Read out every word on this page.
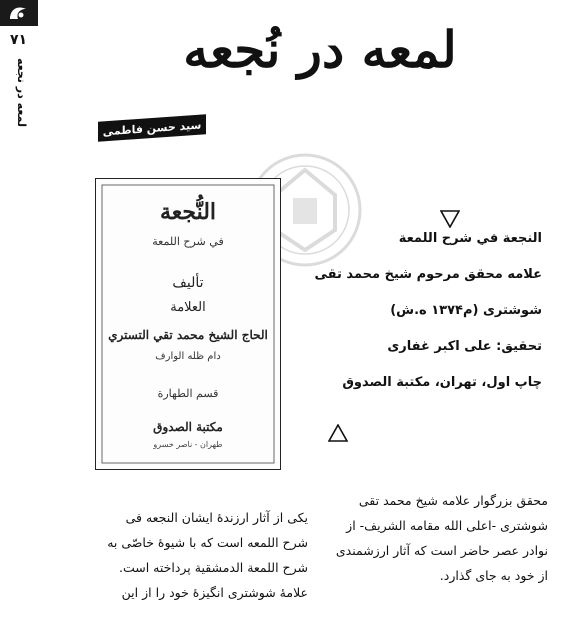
٧١
لمعه در نجعه
لمعه در نُجعه
سید حسن فاطمی
النُّجعة
في شرح اللمعة
تأليف
العلامة
الحاج الشيخ محمد تقي التستري
دام ظله الوارف
قسم الطهارة
مكتبة الصدوق
طهران - ناصر خسرو
النجعة في شرح اللمعة
علامه محقق مرحوم شيخ محمد تقى
شوشترى (م۱۳۷۴ ه.ش)
تحقيق: على اكبر غفارى
چاپ اول، تهران، مكتبة الصدوق
محقق بزرگوار علامه شيخ محمد تقى
شوشترى -اعلى الله مقامه الشريف- از
نوادر عصر حاضر است كه آثار ارزشمندى
از خود به جاى گذارد.
يكى از آثار ارزندهٔ ايشان النجعه فى
شرح اللمعه است كه با شيوهٔ خاصّى به
شرح اللمعة الدمشقية پرداخته است.
علامهٔ شوشترى انگيزهٔ خود را از اين
